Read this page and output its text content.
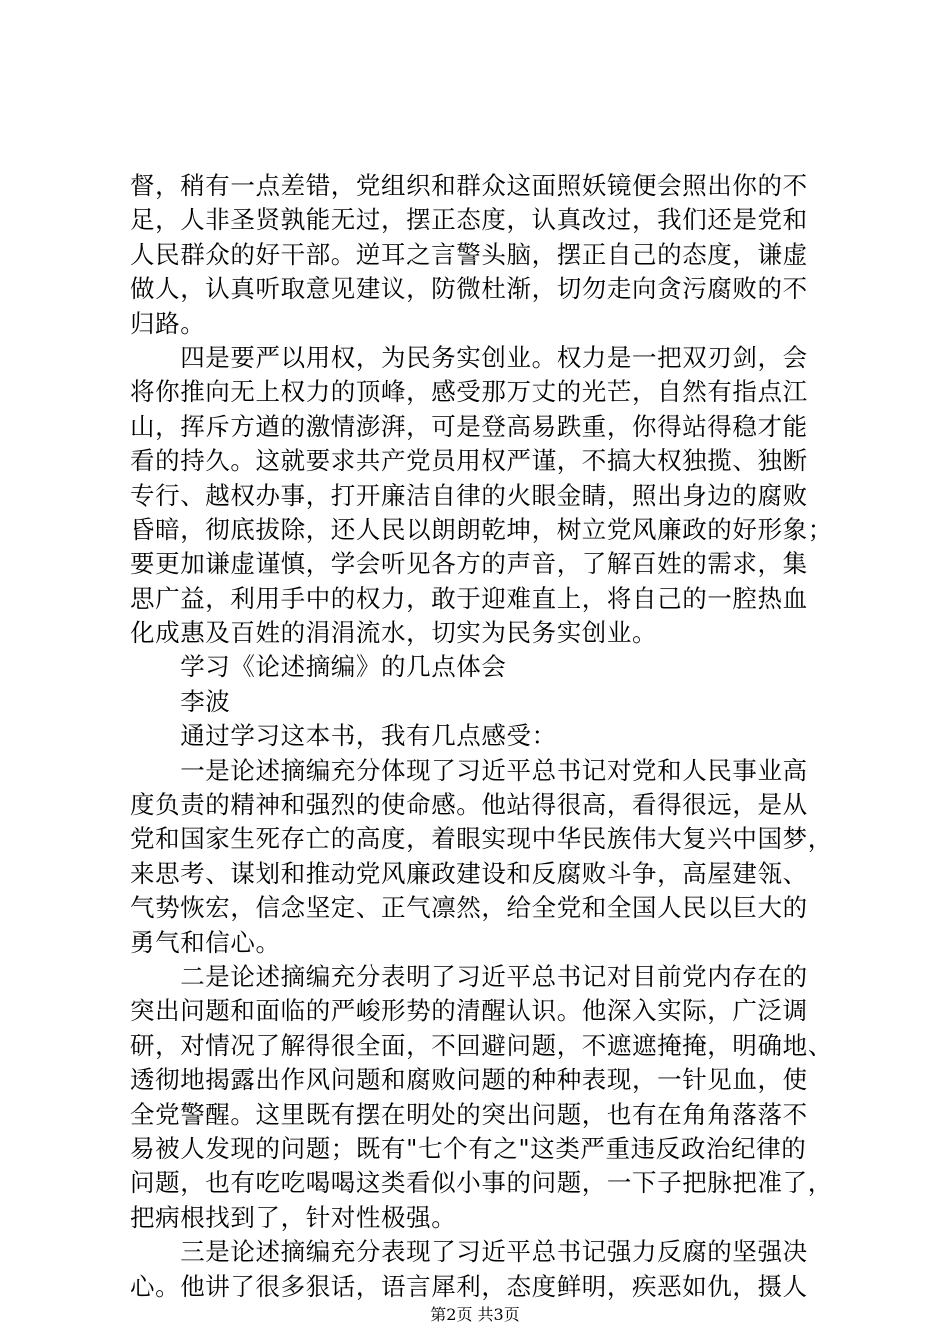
督，稍有一点差错，党组织和群众这面照妖镜便会照出你的不
足，人非圣贤孰能无过，摆正态度，认真改过，我们还是党和
人民群众的好干部。逆耳之言警头脑，摆正自己的态度，谦虚
做人，认真听取意见建议，防微杜渐，切勿走向贪污腐败的不
归路。
　　四是要严以用权，为民务实创业。权力是一把双刃剑，会
将你推向无上权力的顶峰，感受那万丈的光芒，自然有指点江
山，挥斥方遒的激情澎湃，可是登高易跌重，你得站得稳才能
看的持久。这就要求共产党员用权严谨，不搞大权独揽、独断
专行、越权办事，打开廉洁自律的火眼金睛，照出身边的腐败
昏暗，彻底拔除，还人民以朗朗乾坤，树立党风廉政的好形象；
要更加谦虚谨慎，学会听见各方的声音，了解百姓的需求，集
思广益，利用手中的权力，敢于迎难直上，将自己的一腔热血
化成惠及百姓的涓涓流水，切实为民务实创业。
　　学习《论述摘编》的几点体会
　　李波
　　通过学习这本书，我有几点感受：
　　一是论述摘编充分体现了习近平总书记对党和人民事业高
度负责的精神和强烈的使命感。他站得很高，看得很远，是从
党和国家生死存亡的高度，着眼实现中华民族伟大复兴中国梦，
来思考、谋划和推动党风廉政建设和反腐败斗争，高屋建瓴、
气势恢宏，信念坚定、正气凛然，给全党和全国人民以巨大的
勇气和信心。
　　二是论述摘编充分表明了习近平总书记对目前党内存在的
突出问题和面临的严峻形势的清醒认识。他深入实际，广泛调
研，对情况了解得很全面，不回避问题，不遮遮掩掩，明确地、
透彻地揭露出作风问题和腐败问题的种种表现，一针见血，使
全党警醒。这里既有摆在明处的突出问题，也有在角角落落不
易被人发现的问题；既有"七个有之"这类严重违反政治纪律的
问题，也有吃吃喝喝这类看似小事的问题，一下子把脉把准了，
把病根找到了，针对性极强。
　　三是论述摘编充分表现了习近平总书记强力反腐的坚强决
心。他讲了很多狠话，语言犀利，态度鲜明，疾恶如仇，摄人
第2页 共3页
